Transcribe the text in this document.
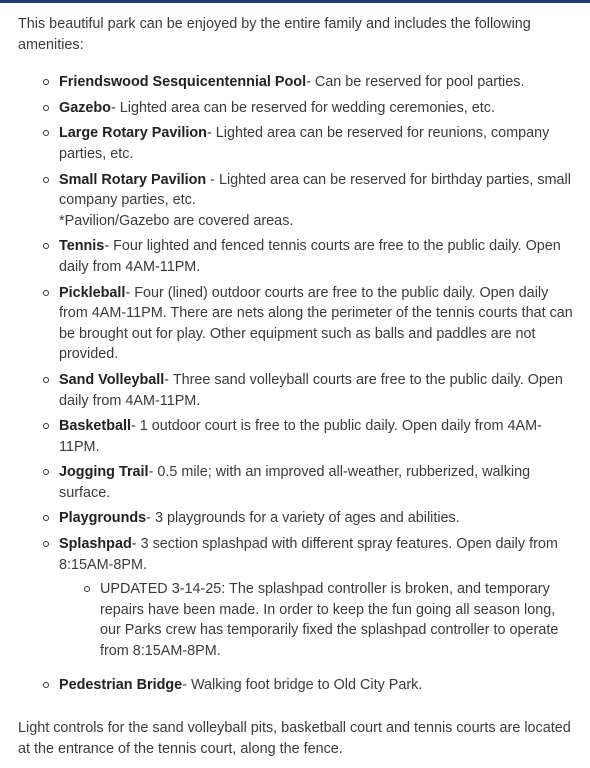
This beautiful park can be enjoyed by the entire family and includes the following amenities:

Friendswood Sesquicentennial Pool- Can be reserved for pool parties.
Gazebo- Lighted area can be reserved for wedding ceremonies, etc.
Large Rotary Pavilion- Lighted area can be reserved for reunions, company parties, etc.
Small Rotary Pavilion - Lighted area can be reserved for birthday parties, small company parties, etc.
*Pavilion/Gazebo are covered areas.
Tennis- Four lighted and fenced tennis courts are free to the public daily. Open daily from 4AM-11PM.
Pickleball- Four (lined) outdoor courts are free to the public daily. Open daily from 4AM-11PM. There are nets along the perimeter of the tennis courts that can be brought out for play. Other equipment such as balls and paddles are not provided.
Sand Volleyball- Three sand volleyball courts are free to the public daily. Open daily from 4AM-11PM.
Basketball- 1 outdoor court is free to the public daily. Open daily from 4AM-11PM.
Jogging Trail- 0.5 mile; with an improved all-weather, rubberized, walking surface.
Playgrounds- 3 playgrounds for a variety of ages and abilities.
Splashpad- 3 section splashpad with different spray features. Open daily from 8:15AM-8PM.
UPDATED 3-14-25: The splashpad controller is broken, and temporary repairs have been made. In order to keep the fun going all season long, our Parks crew has temporarily fixed the splashpad controller to operate from 8:15AM-8PM.
Pedestrian Bridge- Walking foot bridge to Old City Park.

Light controls for the sand volleyball pits, basketball court and tennis courts are located at the entrance of the tennis court, along the fence.
